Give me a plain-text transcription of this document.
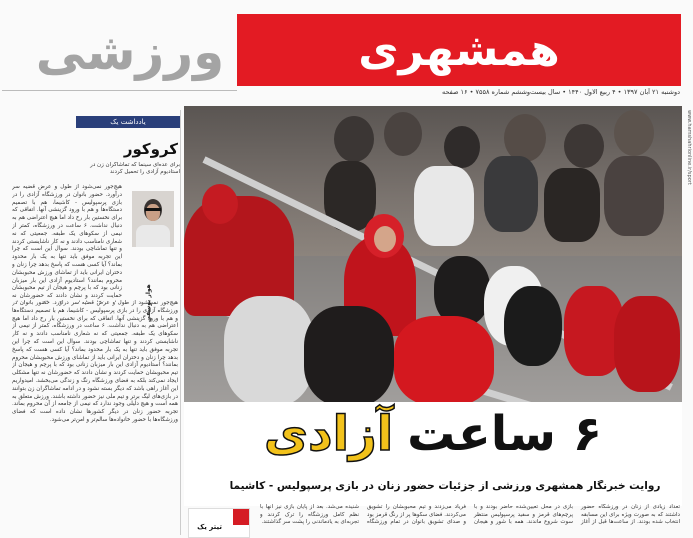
همشهری
ورزشی
دوشنبه ۲۱ آبان ۱۳۹۷ • ۴ ربیع الاول ۱۴۴۰ • سال بیست‌وششم شماره ۷۵۵۸ • ۱۶ صفحه
www.hamshahrionline.ir/sport
یادداشت یک
کروکور
برای عده‌ای سینما که تماشاگران زن در استادیوم آزادی را تحمیل کردند
هوار یوسفی
هیچ‌جور نمی‌شود از طول و عرض قضیه سر درآورد. حضور بانوان در ورزشگاه آزادی را در بازی پرسپولیس - کاشیما، هم با تصمیم دستگاه‌ها و هم با ورود گزینشی آنها. اتفاقی که برای نخستین بار رخ داد اما هیچ اعتراضی هم به دنبال نداشت. ۶ ساعت در ورزشگاه، کمتر از نیمی از سکوهای یک طبقه. جمعیتی که نه شعاری نامناسب دادند و نه کار ناشایستی کردند و تنها تماشاچی بودند. سوال این است که چرا این تجربه موفق باید تنها به یک بار محدود بماند؟ آیا کسی هست که پاسخ بدهد چرا زنان و دختران ایرانی باید از تماشای ورزش محبوبشان محروم بمانند؟ استادیوم آزادی این بار میزبان زنانی بود که با پرچم و هیجان از تیم محبوبشان حمایت کردند و نشان دادند که حضورشان نه تنها مشکلی ایجاد نمی‌کند بلکه به فضای ورزشگاه رنگ و زندگی می‌بخشد. امیدواریم این آغاز راهی باشد که دیگر بسته نشود و در ادامه تماشاگران زن بتوانند در بازی‌های لیگ برتر و تیم ملی نیز حضور داشته باشند. ورزش متعلق به همه است و هیچ دلیلی وجود ندارد که نیمی از جامعه از آن محروم بماند. تجربه حضور زنان در دیگر کشورها نشان داده است که فضای ورزشگاه‌ها با حضور خانواده‌ها سالم‌تر و امن‌تر می‌شود.
هیچ‌جور نمی‌شود از طول و عرض قضیه سر درآورد. حضور بانوان در ورزشگاه آزادی را در بازی پرسپولیس - کاشیما، هم با تصمیم دستگاه‌ها و هم با ورود گزینشی آنها. اتفاقی که برای نخستین بار رخ داد اما هیچ اعتراضی هم به دنبال نداشت. ۶ ساعت در ورزشگاه، کمتر از نیمی از سکوهای یک طبقه. جمعیتی که نه شعاری نامناسب دادند و نه کار ناشایستی کردند و تنها تماشاچی بودند. سوال این است که چرا این تجربه موفق باید تنها به یک بار محدود بماند؟ آیا کسی هست که پاسخ بدهد چرا زنان و دختران ایرانی باید از تماشای ورزش محبوبشان محروم بمانند؟ استادیوم آزادی این بار میزبان زنانی بود که با پرچم و هیجان از تیم محبوبشان حمایت کردند و نشان دادند که حضورشان نه
۶ ساعت
آزادی
روایت خبرنگار همشهری ورزشی از جزئیات حضور زنان در بازی پرسپولیس - کاشیما
تیتر یک
تعداد زیادی از زنان در ورزشگاه حضور داشتند که به صورت ویژه برای این مسابقه انتخاب شده بودند. از ساعت‌ها قبل از آغاز بازی در محل تعیین‌شده حاضر بودند و با پرچم‌های قرمز و سفید پرسپولیس منتظر سوت شروع ماندند. همه با شور و هیجان فریاد می‌زدند و تیم محبوبشان را تشویق می‌کردند. فضای سکوها پر از رنگ قرمز بود و صدای تشویق بانوان در تمام ورزشگاه شنیده می‌شد. بعد از پایان بازی نیز آنها با نظم کامل ورزشگاه را ترک کردند و تجربه‌ای به یادماندنی را پشت سر گذاشتند.
